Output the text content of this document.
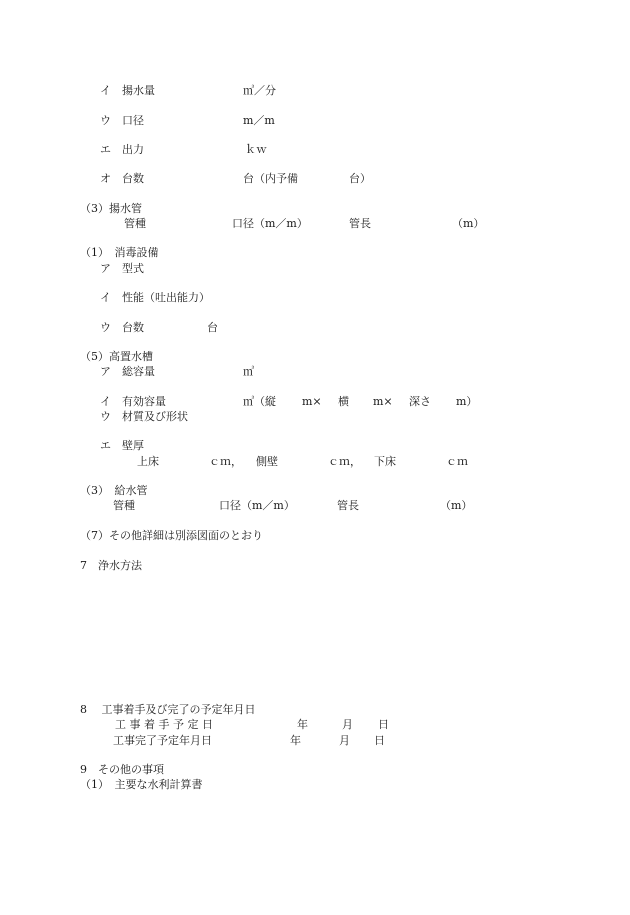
イ　揚水量	㎥／分
ウ　口径	m／m
エ　出力	ｋｗ
オ　台数	台（内予備	台）
（3）揚水管
管種	口径（m／m）	管長	（m）
（1）　消毒設備
ア　型式
イ　性能（吐出能力）
ウ　台数	台
（5）高置水槽
ア　総容量	㎥
イ　有効容量	㎥（縦 m× 横 m× 深さ m）
ウ　材質及び形状
エ　壁厚
上床	ｃｍ， 側壁	ｃｍ， 下床	ｃｍ
（3）　給水管
管種	口径（m／m）	管長	（m）
（7）その他詳細は別添図面のとおり
7　浄水方法
8　 工事着手及び完了の予定年月日
工 事 着 手 予 定 日	年	月 日
工事完了予定年月日	年	月 日
9　その他の事項
（1）　主要な水利計算書
